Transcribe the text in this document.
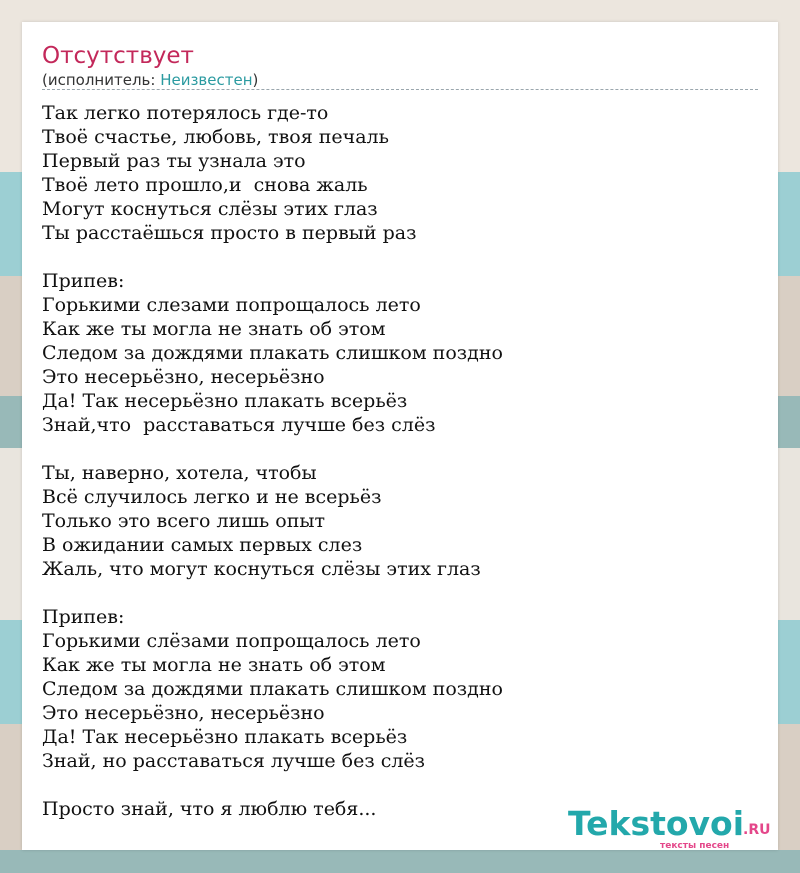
Отсутствует
(исполнитель: Неизвестен)
Так легко потерялось где-то
Твоё счастье, любовь, твоя печаль
Первый раз ты узнала это
Твоё лето прошло,и  снова жаль
Могут коснуться слёзы этих глаз
Ты расстаёшься просто в первый раз
Припев:
Горькими слезами попрощалось лето
Как же ты могла не знать об этом
Следом за дождями плакать слишком поздно
Это несерьёзно, несерьёзно
Да! Так несерьёзно плакать всерьёз
Знай,что  расставаться лучше без слёз
Ты, наверно, хотела, чтобы
Всё случилось легко и не всерьёз
Только это всего лишь опыт
В ожидании самых первых слез
Жаль, что могут коснуться слёзы этих глаз
Припев:
Горькими слёзами попрощалось лето
Как же ты могла не знать об этом
Следом за дождями плакать слишком поздно
Это несерьёзно, несерьёзно
Да! Так несерьёзно плакать всерьёз
Знай, но расставаться лучше без слёз
Просто знай, что я люблю тебя...	Tekstovoi
.RU
тексты песен
